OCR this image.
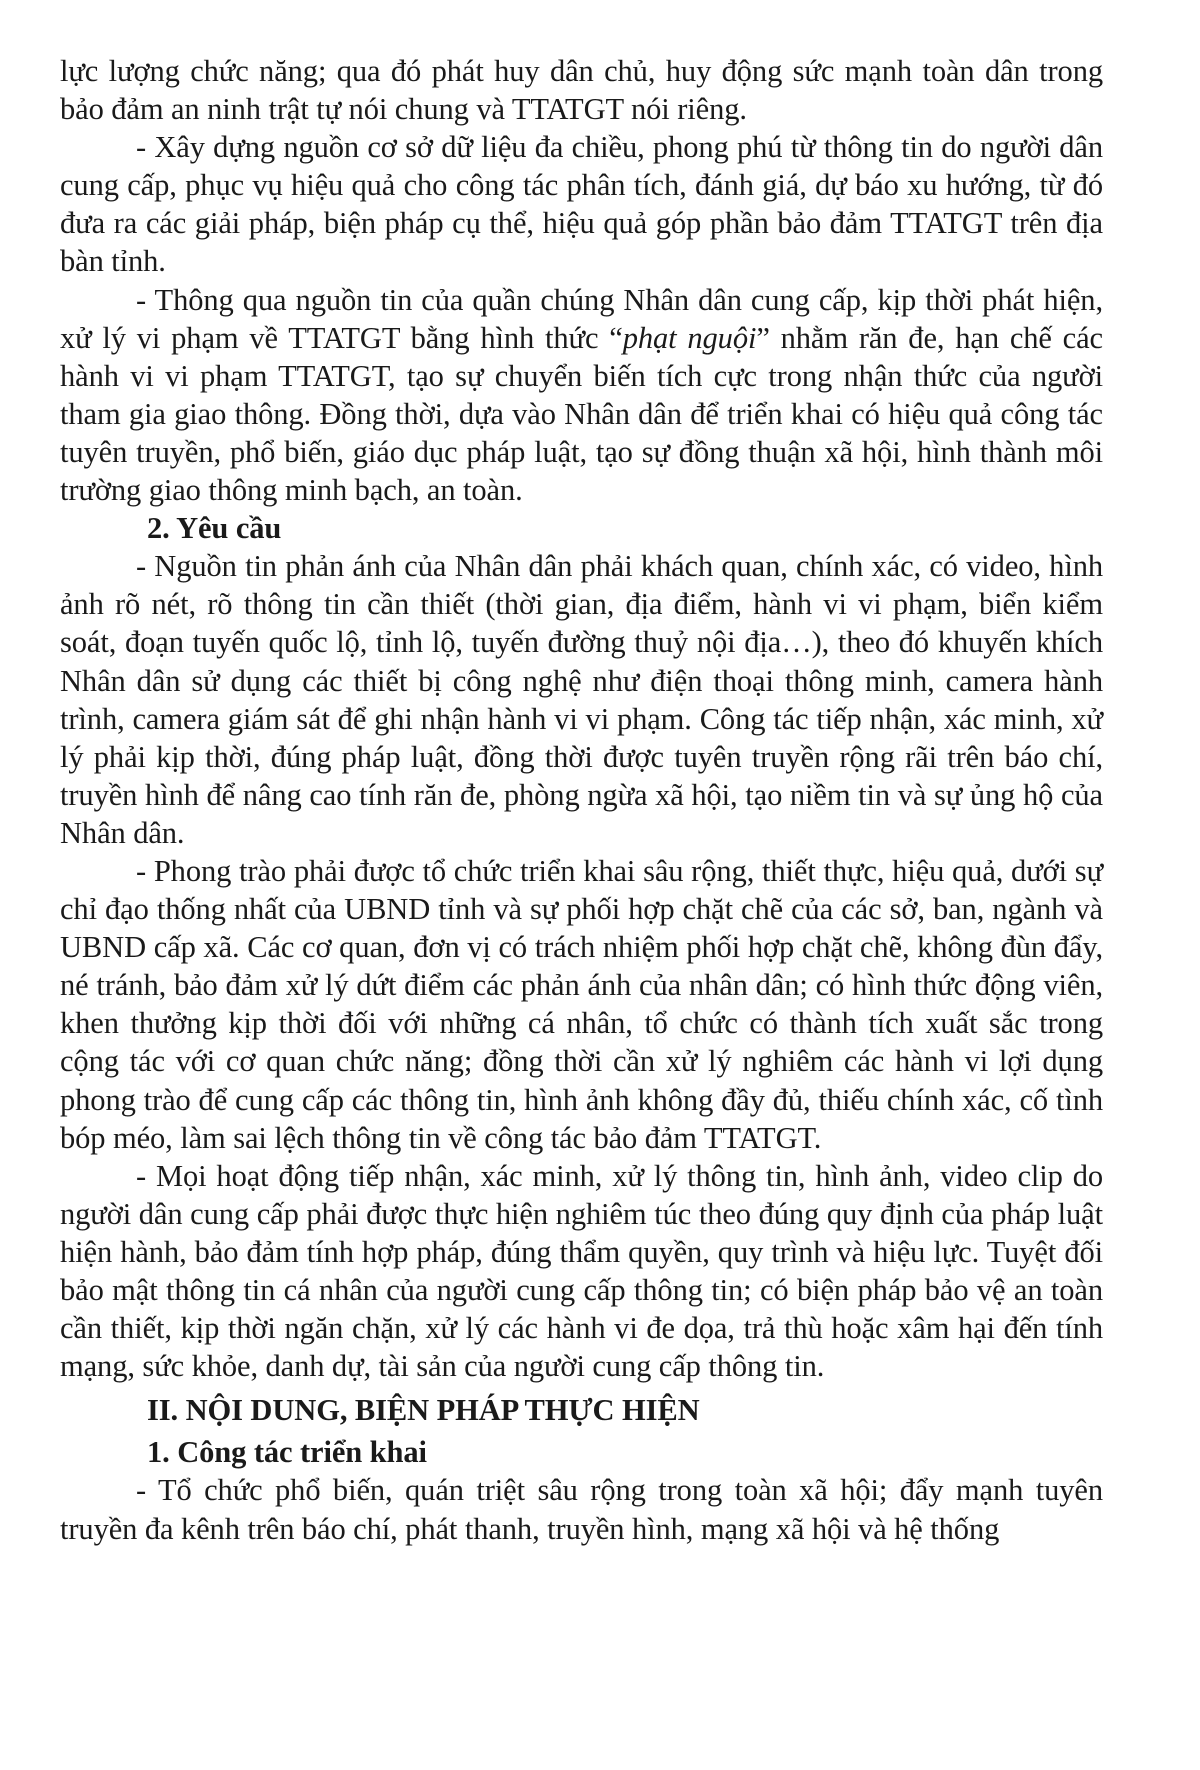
lực lượng chức năng; qua đó phát huy dân chủ, huy động sức mạnh toàn dân trong bảo đảm an ninh trật tự nói chung và TTATGT nói riêng.

- Xây dựng nguồn cơ sở dữ liệu đa chiều, phong phú từ thông tin do người dân cung cấp, phục vụ hiệu quả cho công tác phân tích, đánh giá, dự báo xu hướng, từ đó đưa ra các giải pháp, biện pháp cụ thể, hiệu quả góp phần bảo đảm TTATGT trên địa bàn tỉnh.

- Thông qua nguồn tin của quần chúng Nhân dân cung cấp, kịp thời phát hiện, xử lý vi phạm về TTATGT bằng hình thức “phạt nguội” nhằm răn đe, hạn chế các hành vi vi phạm TTATGT, tạo sự chuyển biến tích cực trong nhận thức của người tham gia giao thông. Đồng thời, dựa vào Nhân dân để triển khai có hiệu quả công tác tuyên truyền, phổ biến, giáo dục pháp luật, tạo sự đồng thuận xã hội, hình thành môi trường giao thông minh bạch, an toàn.

2. Yêu cầu

- Nguồn tin phản ánh của Nhân dân phải khách quan, chính xác, có video, hình ảnh rõ nét, rõ thông tin cần thiết (thời gian, địa điểm, hành vi vi phạm, biển kiểm soát, đoạn tuyến quốc lộ, tỉnh lộ, tuyến đường thuỷ nội địa…), theo đó khuyến khích Nhân dân sử dụng các thiết bị công nghệ như điện thoại thông minh, camera hành trình, camera giám sát để ghi nhận hành vi vi phạm. Công tác tiếp nhận, xác minh, xử lý phải kịp thời, đúng pháp luật, đồng thời được tuyên truyền rộng rãi trên báo chí, truyền hình để nâng cao tính răn đe, phòng ngừa xã hội, tạo niềm tin và sự ủng hộ của Nhân dân.

- Phong trào phải được tổ chức triển khai sâu rộng, thiết thực, hiệu quả, dưới sự chỉ đạo thống nhất của UBND tỉnh và sự phối hợp chặt chẽ của các sở, ban, ngành và UBND cấp xã. Các cơ quan, đơn vị có trách nhiệm phối hợp chặt chẽ, không đùn đẩy, né tránh, bảo đảm xử lý dứt điểm các phản ánh của nhân dân; có hình thức động viên, khen thưởng kịp thời đối với những cá nhân, tổ chức có thành tích xuất sắc trong cộng tác với cơ quan chức năng; đồng thời cần xử lý nghiêm các hành vi lợi dụng phong trào để cung cấp các thông tin, hình ảnh không đầy đủ, thiếu chính xác, cố tình bóp méo, làm sai lệch thông tin về công tác bảo đảm TTATGT.

- Mọi hoạt động tiếp nhận, xác minh, xử lý thông tin, hình ảnh, video clip do người dân cung cấp phải được thực hiện nghiêm túc theo đúng quy định của pháp luật hiện hành, bảo đảm tính hợp pháp, đúng thẩm quyền, quy trình và hiệu lực. Tuyệt đối bảo mật thông tin cá nhân của người cung cấp thông tin; có biện pháp bảo vệ an toàn cần thiết, kịp thời ngăn chặn, xử lý các hành vi đe dọa, trả thù hoặc xâm hại đến tính mạng, sức khỏe, danh dự, tài sản của người cung cấp thông tin.

II. NỘI DUNG, BIỆN PHÁP THỰC HIỆN

1. Công tác triển khai

- Tổ chức phổ biến, quán triệt sâu rộng trong toàn xã hội; đẩy mạnh tuyên truyền đa kênh trên báo chí, phát thanh, truyền hình, mạng xã hội và hệ thống
